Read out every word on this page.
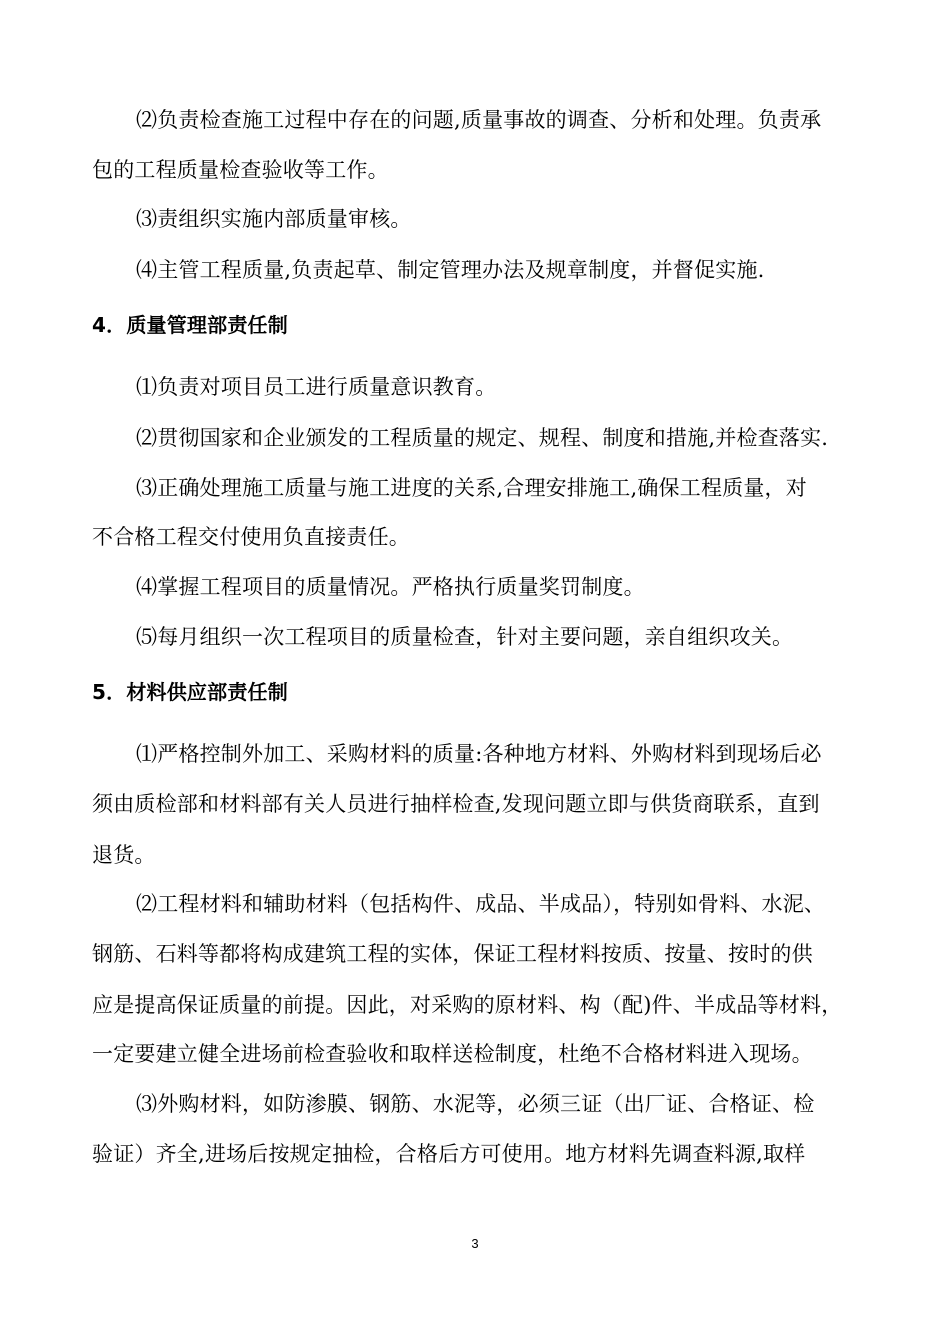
⑵负责检查施工过程中存在的问题,质量事故的调查、分析和处理。负责承
包的工程质量检查验收等工作。
⑶责组织实施内部质量审核。
⑷主管工程质量,负责起草、制定管理办法及规章制度，并督促实施.
4．质量管理部责任制
⑴负责对项目员工进行质量意识教育。
⑵贯彻国家和企业颁发的工程质量的规定、规程、制度和措施,并检查落实.
⑶正确处理施工质量与施工进度的关系,合理安排施工,确保工程质量，对
不合格工程交付使用负直接责任。
⑷掌握工程项目的质量情况。严格执行质量奖罚制度。
⑸每月组织一次工程项目的质量检查，针对主要问题，亲自组织攻关。
5．材料供应部责任制
⑴严格控制外加工、采购材料的质量:各种地方材料、外购材料到现场后必
须由质检部和材料部有关人员进行抽样检查,发现问题立即与供货商联系，直到
退货。
⑵工程材料和辅助材料（包括构件、成品、半成品），特别如骨料、水泥、
钢筋、石料等都将构成建筑工程的实体，保证工程材料按质、按量、按时的供
应是提高保证质量的前提。因此，对采购的原材料、构（配)件、半成品等材料，
一定要建立健全进场前检查验收和取样送检制度，杜绝不合格材料进入现场。
⑶外购材料，如防渗膜、钢筋、水泥等，必须三证（出厂证、合格证、检
验证）齐全,进场后按规定抽检，合格后方可使用。地方材料先调查料源,取样
3
